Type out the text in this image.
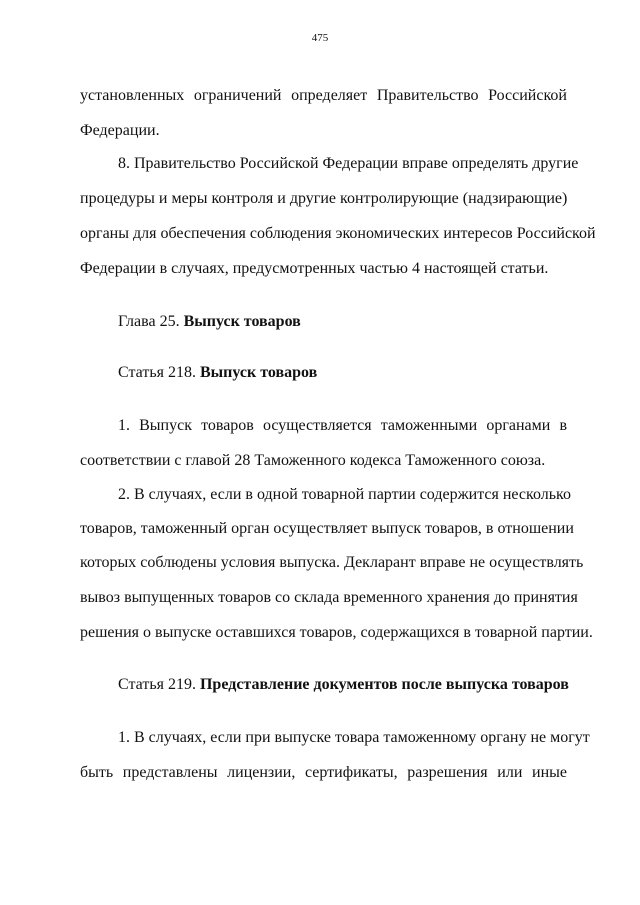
475
установленных ограничений определяет Правительство Российской
Федерации.
8. Правительство Российской Федерации вправе определять другие
процедуры и меры контроля и другие контролирующие (надзирающие)
органы для обеспечения соблюдения экономических интересов Российской
Федерации в случаях, предусмотренных частью 4 настоящей статьи.
Глава 25. Выпуск товаров
Статья 218. Выпуск товаров
1. Выпуск товаров осуществляется таможенными органами в
соответствии с главой 28 Таможенного кодекса Таможенного союза.
2. В случаях, если в одной товарной партии содержится несколько
товаров, таможенный орган осуществляет выпуск товаров, в отношении
которых соблюдены условия выпуска. Декларант вправе не осуществлять
вывоз выпущенных товаров со склада временного хранения до принятия
решения о выпуске оставшихся товаров, содержащихся в товарной партии.
Статья 219. Представление документов после выпуска товаров
1. В случаях, если при выпуске товара таможенному органу не могут
быть представлены лицензии, сертификаты, разрешения или иные
